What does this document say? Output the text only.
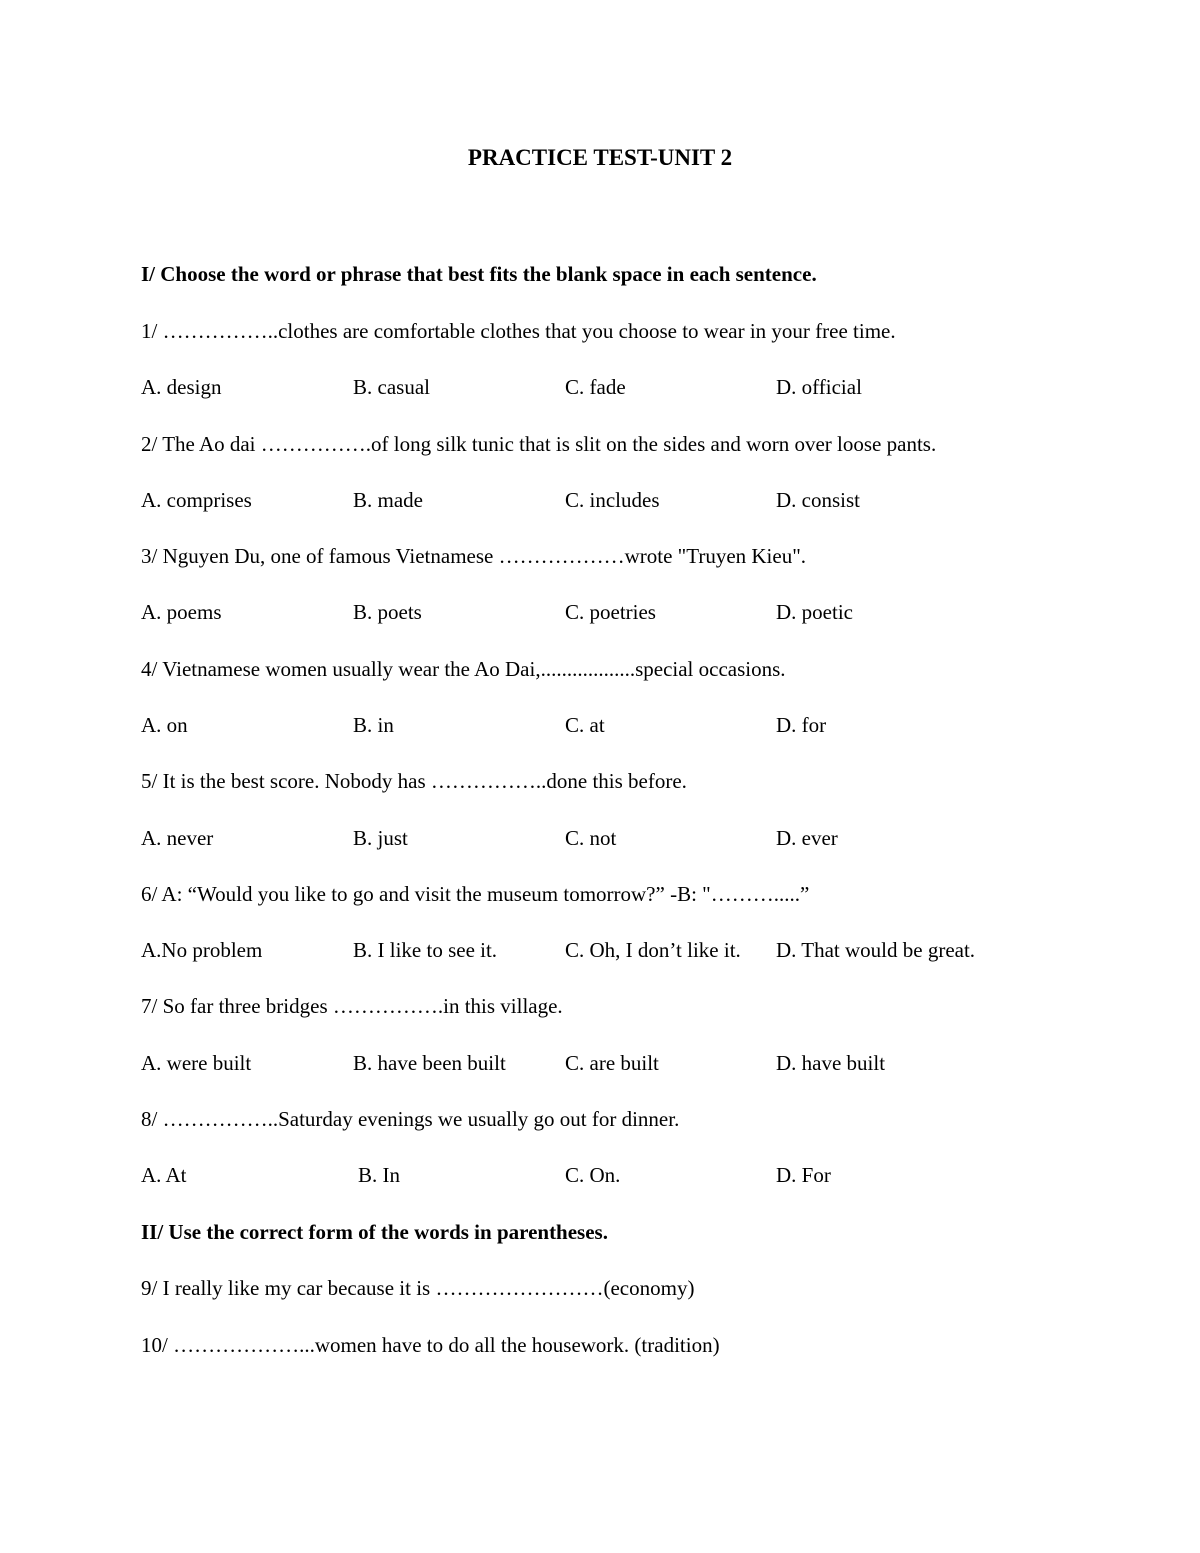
PRACTICE TEST-UNIT 2
I/ Choose the word or phrase that best fits the blank space in each sentence.
1/ ……………..clothes are comfortable clothes that you choose to wear in your free time.
A. design	B. casual	C. fade	D. official
2/ The Ao dai …………….of long silk tunic that is slit on the sides and worn over loose pants.
A. comprises	B. made	C. includes	D. consist
3/ Nguyen Du, one of famous Vietnamese ………………wrote "Truyen Kieu".
A. poems	B. poets	C. poetries	D. poetic
4/ Vietnamese women usually wear the Ao Dai,..................special occasions.
A. on	B. in	C. at	D. for
5/ It is the best score. Nobody has ……………..done this before.
A. never	B. just	C. not	D. ever
6/ A: “Would you like to go and visit the museum tomorrow?” -B: "……….....”
A.No problem	B. I like to see it.	C. Oh, I don’t like it. D. That would be great.
7/ So far three bridges …………….in this village.
A. were built	B. have been built	C. are built	D. have built
8/ ……………..Saturday evenings we usually go out for dinner.
A. At	B. In	C. On.	D. For
II/ Use the correct form of the words in parentheses.
9/ I really like my car because it is ……………………(economy)
10/ ………………...women have to do all the housework. (tradition)
